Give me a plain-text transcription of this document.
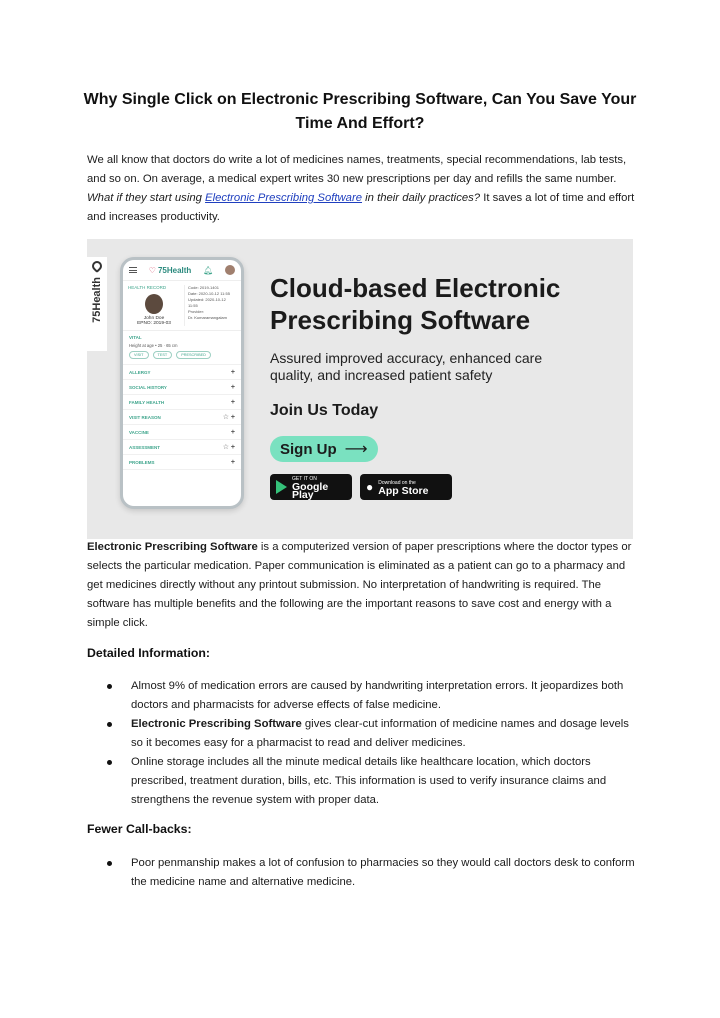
Why Single Click on Electronic Prescribing Software, Can You Save Your Time And Effort?

We all know that doctors do write a lot of medicines names, treatments, special recommendations, lab tests, and so on. On average, a medical expert writes 30 new prescriptions per day and refills the same number. What if they start using Electronic Prescribing Software in their daily practices? It saves a lot of time and effort and increases productivity.

75Health
♡ 75Health 🔔︎
HEALTH RECORD
John Doe
EPNO: 2019-03
Code: 2019-1401
Date: 2020-10-12 11:55
Updated: 2020-10-12 11:55
Provider:
Dr. Kumaramangalam
VITAL
Height at age • 25 · 65 cm
VISIT	TEST	PRESCRIBED
ALLERGY	+
SOCIAL HISTORY	+
FAMILY HEALTH	+
VISIT REASON	☆ +
VACCINE	+
ASSESSMENT	☆ +
PROBLEMS	+
Cloud-based Electronic Prescribing Software
Assured improved accuracy, enhanced care quality, and increased patient safety
Join Us Today
Sign Up ⟶
GET IT ON
Google Play
● Download on the
App Store

Electronic Prescribing Software is a computerized version of paper prescriptions where the doctor types or selects the particular medication. Paper communication is eliminated as a patient can go to a pharmacy and get medicines directly without any printout submission. No interpretation of handwriting is required. The software has multiple benefits and the following are the important reasons to save cost and energy with a simple click.

Detailed Information:
Almost 9% of medication errors are caused by handwriting interpretation errors. It jeopardizes both doctors and pharmacists for adverse effects of false medicine.
Electronic Prescribing Software gives clear-cut information of medicine names and dosage levels so it becomes easy for a pharmacist to read and deliver medicines.
Online storage includes all the minute medical details like healthcare location, which doctors prescribed, treatment duration, bills, etc. This information is used to verify insurance claims and strengthens the revenue system with proper data.
Fewer Call-backs:
Poor penmanship makes a lot of confusion to pharmacies so they would call doctors desk to conform the medicine name and alternative medicine.
